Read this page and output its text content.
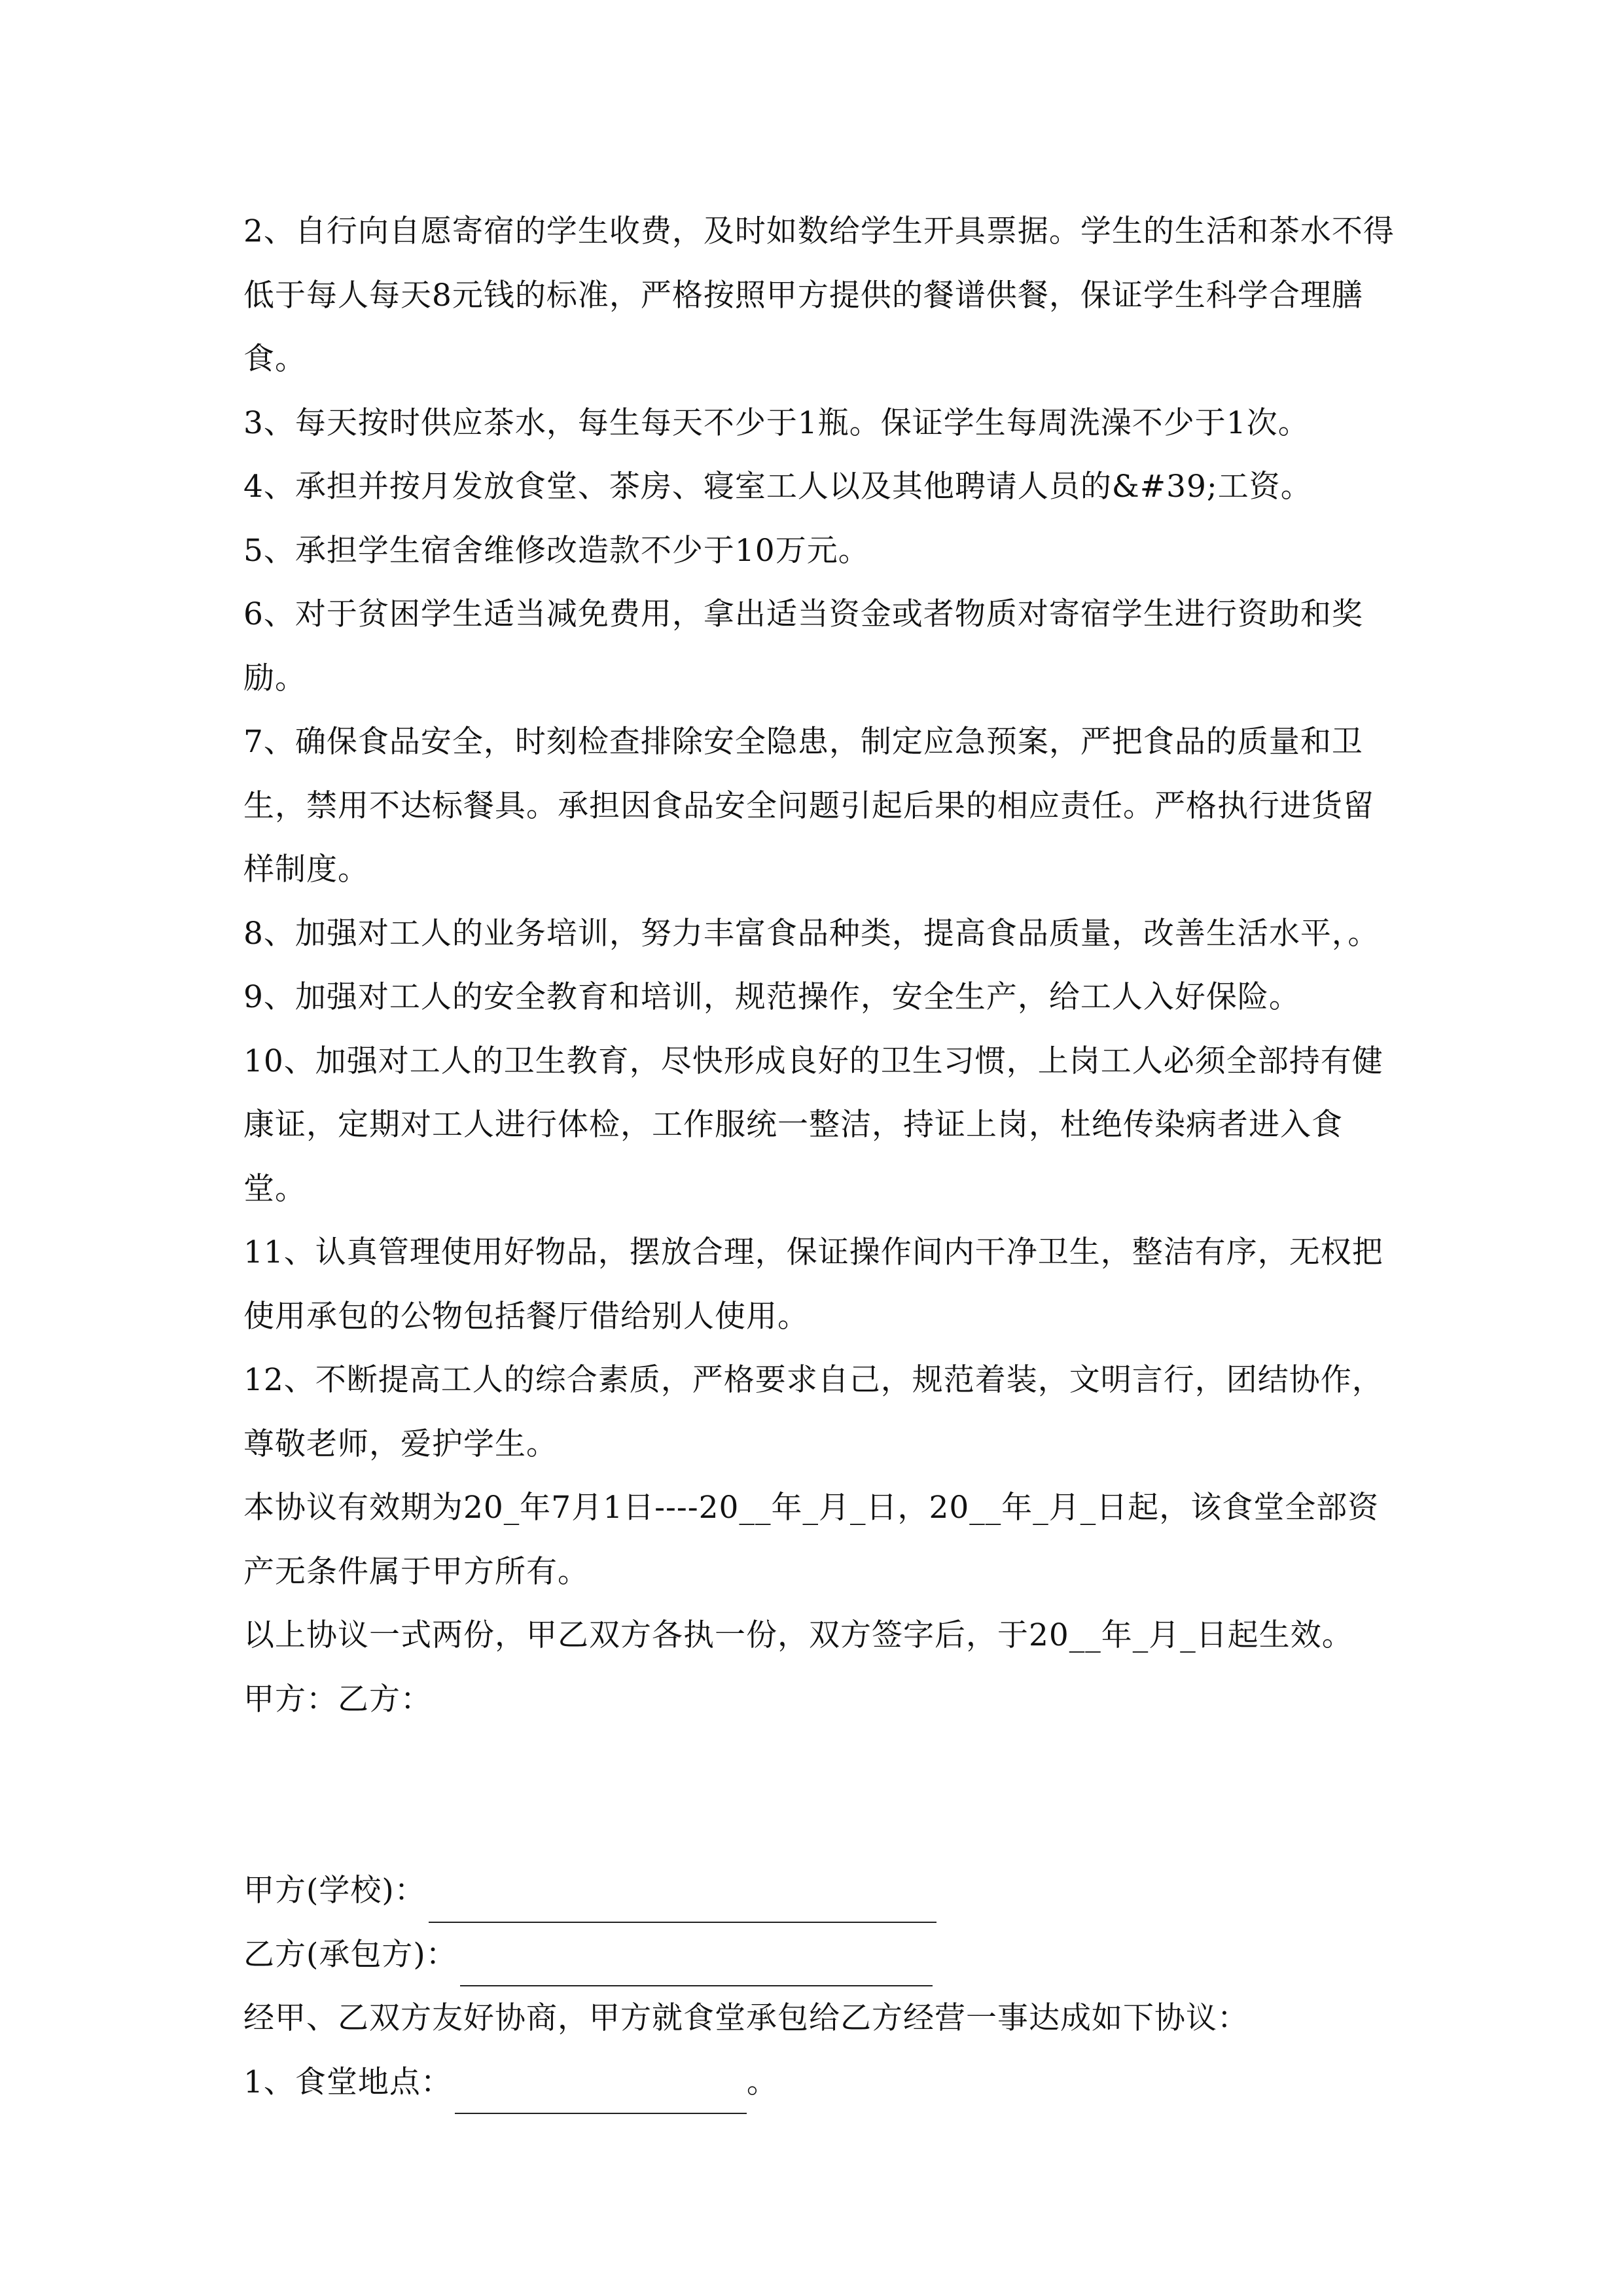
2、自行向自愿寄宿的学生收费，及时如数给学生开具票据。学生的生活和茶水不得低于每人每天8元钱的标准，严格按照甲方提供的餐谱供餐，保证学生科学合理膳食。

3、每天按时供应茶水，每生每天不少于1瓶。保证学生每周洗澡不少于1次。

4、承担并按月发放食堂、茶房、寝室工人以及其他聘请人员的&#39;工资。

5、承担学生宿舍维修改造款不少于10万元。

6、对于贫困学生适当减免费用，拿出适当资金或者物质对寄宿学生进行资助和奖励。

7、确保食品安全，时刻检查排除安全隐患，制定应急预案，严把食品的质量和卫生，禁用不达标餐具。承担因食品安全问题引起后果的相应责任。严格执行进货留样制度。

8、加强对工人的业务培训，努力丰富食品种类，提高食品质量，改善生活水平，。

9、加强对工人的安全教育和培训，规范操作，安全生产，给工人入好保险。

10、加强对工人的卫生教育，尽快形成良好的卫生习惯，上岗工人必须全部持有健康证，定期对工人进行体检，工作服统一整洁，持证上岗，杜绝传染病者进入食堂。

11、认真管理使用好物品，摆放合理，保证操作间内干净卫生，整洁有序，无权把使用承包的公物包括餐厅借给别人使用。

12、不断提高工人的综合素质，严格要求自己，规范着装，文明言行，团结协作，尊敬老师，爱护学生。

本协议有效期为20_年7月1日----20__年_月_日，20__年_月_日起，该食堂全部资产无条件属于甲方所有。

以上协议一式两份，甲乙双方各执一份，双方签字后，于20__年_月_日起生效。

甲方：乙方：

甲方(学校)：
乙方(承包方)：

经甲、乙双方友好协商，甲方就食堂承包给乙方经营一事达成如下协议：

1、食堂地点：	。
